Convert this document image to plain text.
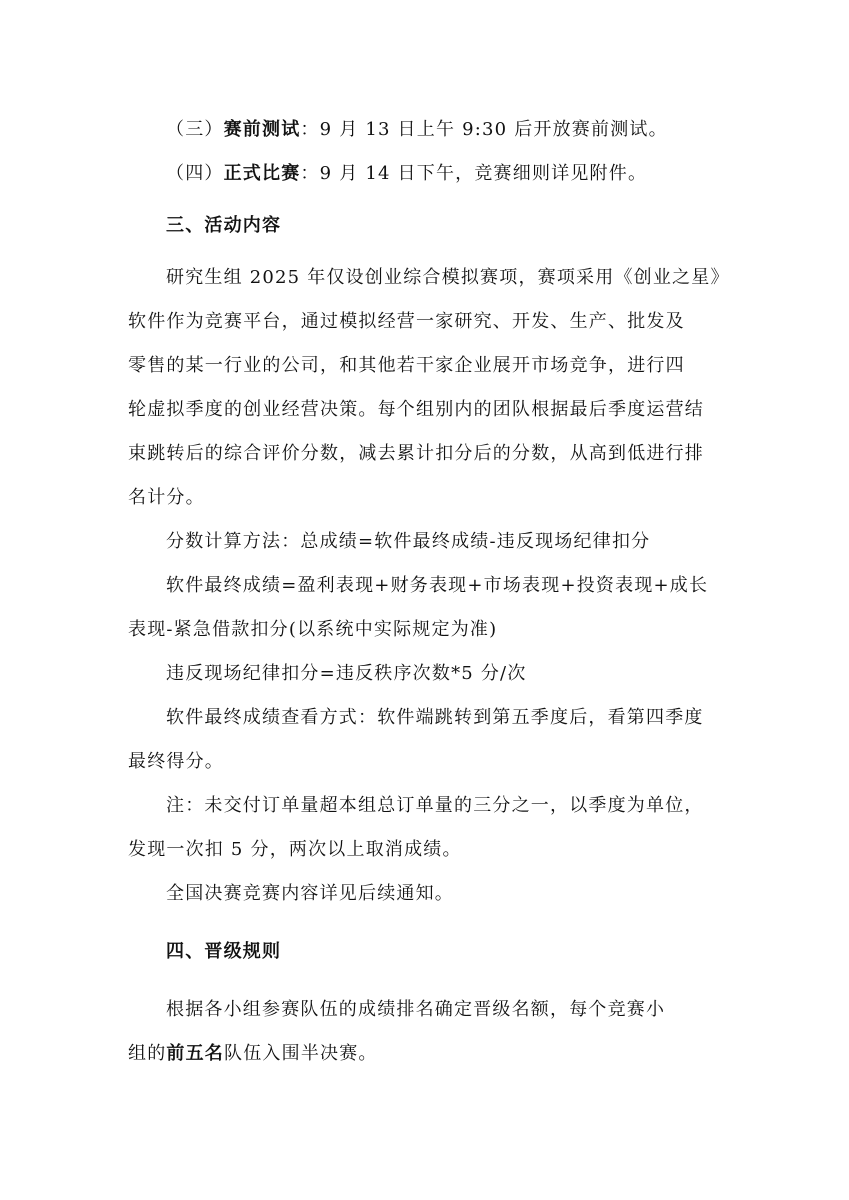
（三）赛前测试：9 月 13 日上午 9:30 后开放赛前测试。
（四）正式比赛：9 月 14 日下午，竞赛细则详见附件。
三、活动内容
研究生组 2025 年仅设创业综合模拟赛项，赛项采用《创业之星》
软件作为竞赛平台，通过模拟经营一家研究、开发、生产、批发及
零售的某一行业的公司，和其他若干家企业展开市场竞争，进行四
轮虚拟季度的创业经营决策。每个组别内的团队根据最后季度运营结
束跳转后的综合评价分数，减去累计扣分后的分数，从高到低进行排
名计分。
分数计算方法：总成绩=软件最终成绩-违反现场纪律扣分
软件最终成绩=盈利表现+财务表现+市场表现+投资表现+成长
表现-紧急借款扣分(以系统中实际规定为准)
违反现场纪律扣分=违反秩序次数*5 分/次
软件最终成绩查看方式：软件端跳转到第五季度后，看第四季度
最终得分。
注：未交付订单量超本组总订单量的三分之一，以季度为单位，
发现一次扣 5 分，两次以上取消成绩。
全国决赛竞赛内容详见后续通知。
四、晋级规则
根据各小组参赛队伍的成绩排名确定晋级名额，每个竞赛小
组的前五名队伍入围半决赛。
